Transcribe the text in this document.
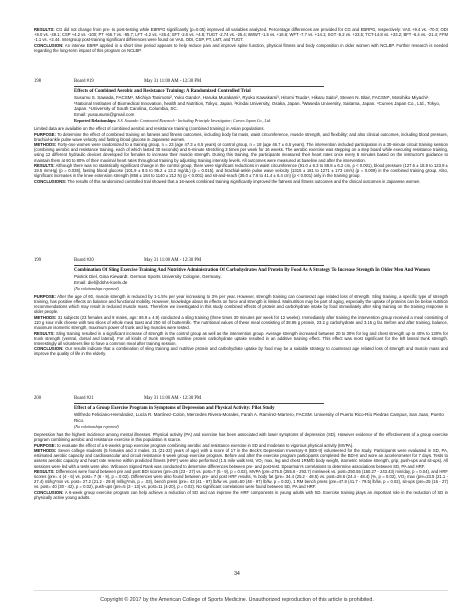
RESULTS: CG did not change from pre- to post-testing while EBRPG significantly (p=0.05) improved all variables analyzed. Percentage differences are provided for CG and EBRPG, respectively: VAS +9.4 vs. -70.0; ODI +8.0 vs. -49.1; CSP +4.2 vs. -100; PT +66.7 vs. -85.7; LFT -4.2 vs. +26.4; SFT -2.6 vs. +4.8; TUGT -2.74 vs. -25.4; 6MWT -1.5 vs. +16.6; WFT -7.7 vs. +14.1; SGT -5.2 vs. +23.5; TCT-14.8 vs. +33.2; BFT -6.4 vs. -21.4; FFM -1.1 vs. +2.44. Intergroup post-training significant differences were found on VAS, ODI, CSP, PT, LMT, and TUGT.

CONCLUSION: An intense EBRP applied in a short time period appears to help reduce pain and improve spine function, physical fitness and body composition in older women with NCLBP. Further research is needed regarding the long-term impact of this program on NCLBP.

198	Board #19	May 31 11:00 AM - 12:30 PM
Effects of Combined Aerobic and Resistance Training: A Randomized Controlled Trial
Susumu S. Sawada, FACSM¹, Michiya Tanimoto², Yuko Gando¹, Haruka Murakami¹, Ryoko Kawakami³, Hitomi Tsuda⁴, Hikaru Saito², Steven N. Blair, FACSM⁵, Motohiko Miyachi¹. ¹National Institutes of Biomedical Innovation, health and Nutrition, Tokyo, Japan. ²Kindai University, Osaka, Japan. ³Waseda University, Saitama, Japan. ⁴Curves Japan Co., Ltd., Tokyo, Japan. ⁵University of South Carolina, Columbia, SC.
Email: yusuusumi@gmail.com
Reported Relationships: S.S. Sawada: Contracted Research - Including Principle Investigator; Curves Japan Co., Ltd.

Limited data are available on the effect of combined aerobic and resistance training (combined training) in Asian populations.

PURPOSE: To determine the effect of combined training on fatness and fitness outcomes, including body fat mass, waist circumference, muscle strength, and flexibility; and also clinical outcomes, including blood pressure, brachial-ankle pulse wave velocity and fasting blood glucose in Japanese women.

METHODS: Forty-one women were randomized to a training group, n = 23 (age 47.3 ± 6.5 years) or control group, n = 18 (age 46.7 ± 6.5 years). The intervention included participation in a 30-minute circuit training session (combining aerobic and resistance training, each of which lasted 30 seconds) and 6-minute stretching 3 times per week for 16 weeks. The aerobic exercise was stepping on a step board while executing resistance training, using 12 different hydraulic devices developed for females to increase their muscle strength. During this training, the participants measured their heart rates once every 8 minutes based on the instructor's guidance to maintain them at 60 to 80% of their maximal heart rates throughout training by adjusting training intensity levels. All outcomes were measured at baseline and after the intervention.

RESULTS: Although there was no statistically significant change in the control group, there were significant reductions in waist circumference (91.0 ± 6.3 to 89.8 ± 6.2 cm, p < 0.001), blood pressure (127.5 ± 18.9 to 123.9 ± 19.5 mmHg) (p = 0.038), fasting blood glucose (101.9 ± 8.5 to 95.2 ± 13.2 mg/dL) (p = 0.015), and brachial-ankle pulse wave velocity (1315 ± 181 to 1271 ± 173 cm/s) (p = 0.009) in the combined training group. Also, significant increases in the knee extension strength (858 ± 184 to 1140 ± 212 N) (p < 0.001) and sit-and-reach (38.0 ± 7.6 to 41.4 ± 6.4 cm) (p < 0.001) only in the training group.

CONCLUSIONS: The results of this randomized controlled trial showed that a 16-week combined training significantly improved the fatness and fitness outcomes and the clinical outcomes in Japanese women.

199	Board #20	May 31 11:00 AM - 12:30 PM
Combination Of Sling Exercise Training And Nutritive Administration Of Carbohydrates And Protein By Food As A Strategy To Increase Strength In Older Men And Women
Patrick Diel, Gina Kiewardt. German Sports University Cologne, Germany.
Email: diel@dshs-koeln.de
(No relationships reported)

PURPOSE: After the age of 60, muscle strength is reduced by 1-1.5% per year increasing to 3% per year. However, strength training can counteract age related loss of strength. Sling training, a specific type of strength training, has positive effects on balance and functional mobility. However, knowledge about its effects on force and strength is limited. Malnutrition may be part of aging, especially the uptake of proteins can be below nutrition recommendations which may result in reduced muscle mass. Therefore we investigated in this study combined effects of protein and carbohydrate intake by food immediately after sling training on the training response in older people.

METHODS: 31 subjects (23 females and 8 males, age: 65.9 ± 4.9) conducted a sling training (three times 30 minutes per week for 12 weeks). Immediately after training the intervention group received a meal consisting of 110 g sour milk cheese with two slices of whole meal toast and 250 ml of buttermilk. The nutritional values of these meal consisting of 38.95 g protein, 23.2 g carbohydrate and 3.15 g fat. Before and after training, balance, maximum isometric strength, maximum power of trunk and leg muscles were tested.

RESULTS: Sling training resulted in a significant increase of strength in the control group as well as the intervention group. Average strength increased between 20 to 30% for leg and chest strength up to 40% to 130% for trunk strength (ventral, dorsal and lateral). For all kinds of trunk strength nutritive protein carbohydrate uptake resulted in an additive training effect. This effect was most significant for the left lateral trunk strength. Interestingly all volunteers like to have a common meal after training session.

CONCLUSION: Our results indicate that a combination of sling training and nutritive protein and carbohydrate uptake by food may be a suitable strategy to counteract age related loss of strength and muscle mass and improve the quality of life in the elderly.

200	Board #21	May 31 11:00 AM - 12:30 PM
Effect of a Group Exercise Program in Symptoms of Depression and Physical Activity: Pilot Study
Wilfredo Feliciano-Hernández, Lucía R. Martínez-Colon, Mercedes Rivera-Morales, Farah A. Ramírez-Marrero, FACSM. University of Puerto Rico-Río Piedras Campus, San Juan, Puerto Rico.
(No relationships reported)

Depression has the highest incidence among mental illnesses. Physical activity (PA) and exercise has been associated with lower symptoms of depression (SD). However evidence of the effectiveness of a group exercise program combining aerobic and resistance exercise in this population is scarce.

PURPOSE: to evaluate the effect of a 6-weeks group exercise program combining aerobic and resistance exercise in SD and moderate to vigorous physical activity (MVPA).

METHODS: Seven college students (5 females and 2 males, 21 (21-23) years of age) with a score of 17 in the Beck's Depression Inventory-II (BDI-II) volunteered for the study. Participants were evaluated in SD, PA, estimated aerobic capacity and cardiovascular and circuit resistance 6 week group exercise program. Before and after the exercise program participants completed the BDI-II and wore an accelerometer for 7 days. Tests to assess aerobic capacity and heart rate reserve within predicted fitness (HRF) were also performed (1.5 mile walk test, VO₂ max, leg and chest 1RM/lb body weight, isometric relative strength, grip, push-ups and sit-ups). All sessions were led with a tests were also. Wilcoxon Signed Rank was conducted to determine differences between pre- and post-test. Spearman's correlations to determine associations between SD, PA and HRF.

RESULTS: Differences were found between pre and post BDI scores (pre=26 (23 - 27) vs. post=7 (5 - 9), p = 0.02), MVPA (pre=275.5 (255.6 - 293.7) min/week vs. post=250.55 (150.27 - 243.43) min/day, p = 0.04), and HRF scores (pre= 4 (4 - 6) vs. post= 7 (6 - 9), p = 0.02). Differences were also found between pre- and post HRF results, % body fat (pre= 34.4 (25.2 - 48.5) vs. post=28.8 (24.4 - 48.4) (%, p = 0.02), VO₂ max (pre=23.5 (21.1 - 27.4) ml/kg*min vs. post= 27.2 (21.2 - 29.9) ml/kg*min, p = .03), bench press (pre= 43 (41 - 87) lb/lw vs. post=50 (48 - 97) lb/lw, p = 0.02), 1 RM bench press (pre=47.8 (41.7 - 79.5) lb/lw, p = 0.02), sit-ups (pre=25 (16 - 27) vs. post= 40 (30 - 42), p = 0.02), push-ups (pre=5 (3 - 13) vs. post=11 (4-20), p = 0.02). No significant correlations were found between SD, PA and HRF.

CONCLUSION: A 6-week group exercise program can help achieve a reduction of SD and can improve the HRF components in young adults with SD. Exercise training plays an important role in the reduction of SD in physically active young adults.

34
Copyright © 2017 by the American College of Sports Medicine. Unauthorized reproduction of this article is prohibited.
